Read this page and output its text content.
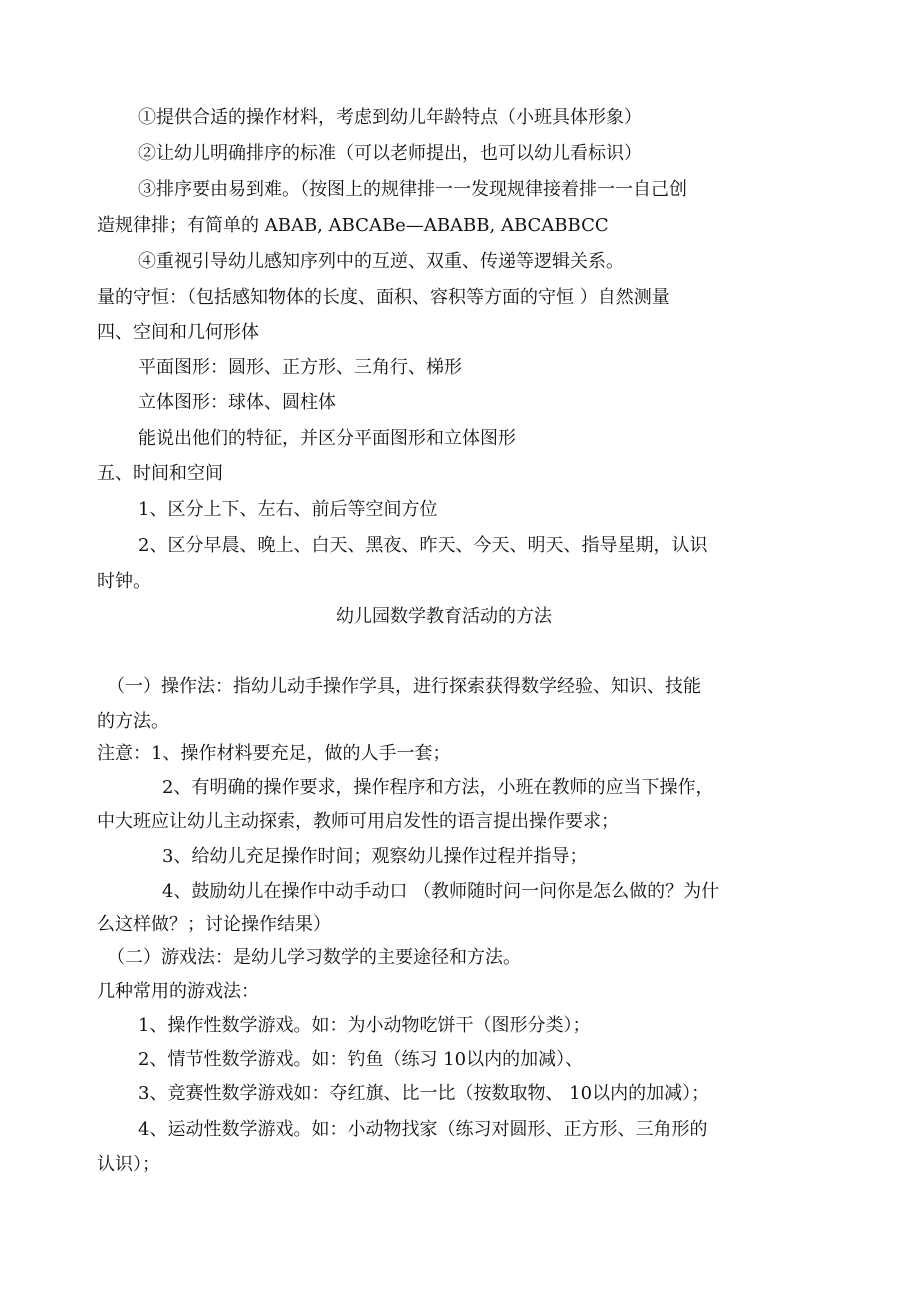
①提供合适的操作材料，考虑到幼儿年龄特点（小班具体形象）
②让幼儿明确排序的标准（可以老师提出，也可以幼儿看标识）
③排序要由易到难。（按图上的规律排一一发现规律接着排一一自己创
造规律排；有简单的 ABAB, ABCABe—ABABB, ABCABBCC
④重视引导幼儿感知序列中的互逆、双重、传递等逻辑关系。
量的守恒：（包括感知物体的长度、面积、容积等方面的守恒 ）自然测量
四、空间和几何形体
平面图形：圆形、正方形、三角行、梯形
立体图形：球体、圆柱体
能说出他们的特征，并区分平面图形和立体图形
五、时间和空间
1、区分上下、左右、前后等空间方位
2、区分早晨、晚上、白天、黑夜、昨天、今天、明天、指导星期，认识
时钟。
幼儿园数学教育活动的方法
（一）操作法：指幼儿动手操作学具，进行探索获得数学经验、知识、技能
的方法。
注意：1、操作材料要充足，做的人手一套；
2、有明确的操作要求，操作程序和方法，小班在教师的应当下操作，
中大班应让幼儿主动探索，教师可用启发性的语言提出操作要求；
3、给幼儿充足操作时间；观察幼儿操作过程并指导；
4、鼓励幼儿在操作中动手动口 （教师随时问一问你是怎么做的？为什
么这样做？；讨论操作结果）
（二）游戏法：是幼儿学习数学的主要途径和方法。
几种常用的游戏法：
1、操作性数学游戏。如：为小动物吃饼干（图形分类）；
2、情节性数学游戏。如：钓鱼（练习 10以内的加减）、
3、竞赛性数学游戏如：夺红旗、比一比（按数取物、 10以内的加减）；
4、运动性数学游戏。如：小动物找家（练习对圆形、正方形、三角形的
认识）；
